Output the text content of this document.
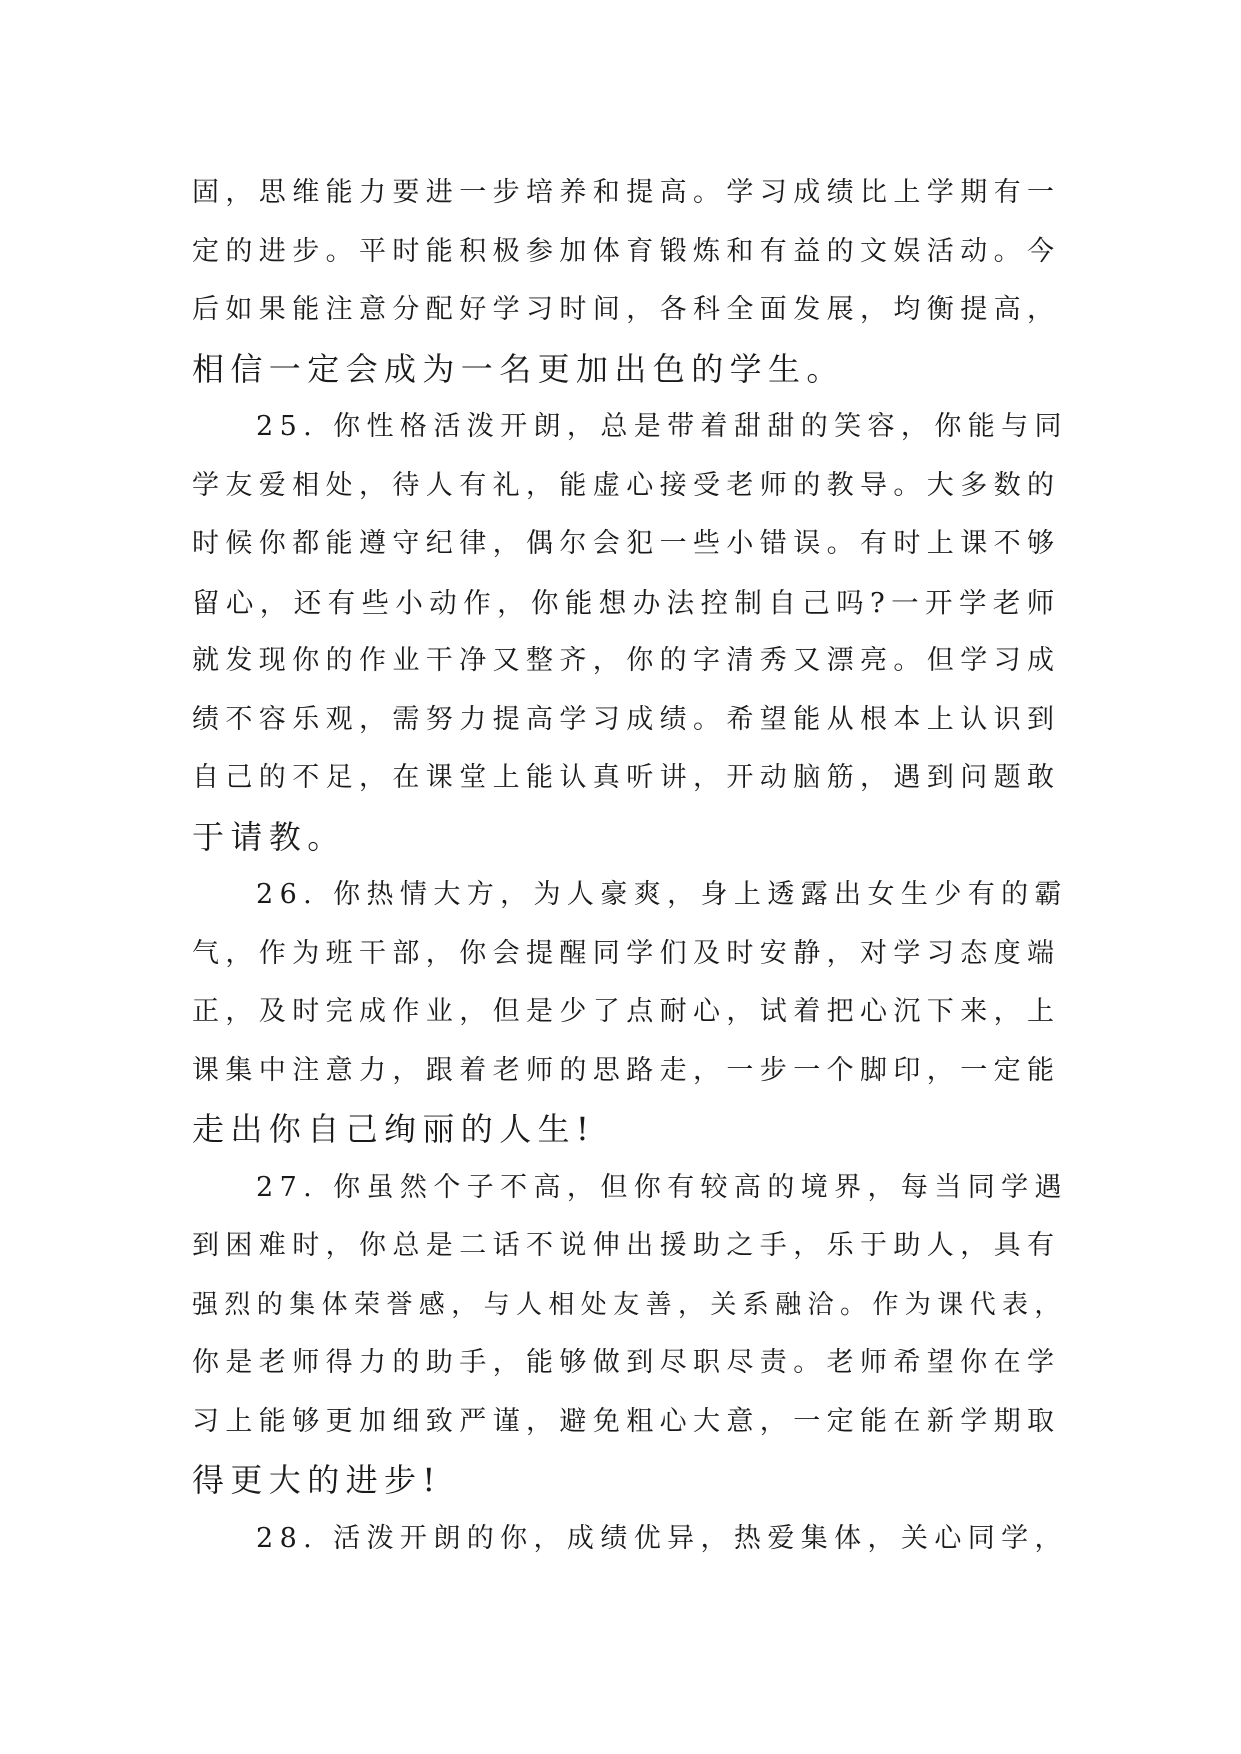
固，思维能力要进一步培养和提高。学习成绩比上学期有一

定的进步。平时能积极参加体育锻炼和有益的文娱活动。今

后如果能注意分配好学习时间，各科全面发展，均衡提高，

相信一定会成为一名更加出色的学生。

25. 你性格活泼开朗，总是带着甜甜的笑容，你能与同

学友爱相处，待人有礼，能虚心接受老师的教导。大多数的

时候你都能遵守纪律，偶尔会犯一些小错误。有时上课不够

留心，还有些小动作，你能想办法控制自己吗?一开学老师

就发现你的作业干净又整齐，你的字清秀又漂亮。但学习成

绩不容乐观，需努力提高学习成绩。希望能从根本上认识到

自己的不足，在课堂上能认真听讲，开动脑筋，遇到问题敢

于请教。

26. 你热情大方，为人豪爽，身上透露出女生少有的霸

气，作为班干部，你会提醒同学们及时安静，对学习态度端

正，及时完成作业，但是少了点耐心，试着把心沉下来，上

课集中注意力，跟着老师的思路走，一步一个脚印，一定能

走出你自己绚丽的人生!

27. 你虽然个子不高，但你有较高的境界，每当同学遇

到困难时，你总是二话不说伸出援助之手，乐于助人，具有

强烈的集体荣誉感，与人相处友善，关系融洽。作为课代表，

你是老师得力的助手，能够做到尽职尽责。老师希望你在学

习上能够更加细致严谨，避免粗心大意，一定能在新学期取

得更大的进步!

28. 活泼开朗的你，成绩优异，热爱集体，关心同学，
